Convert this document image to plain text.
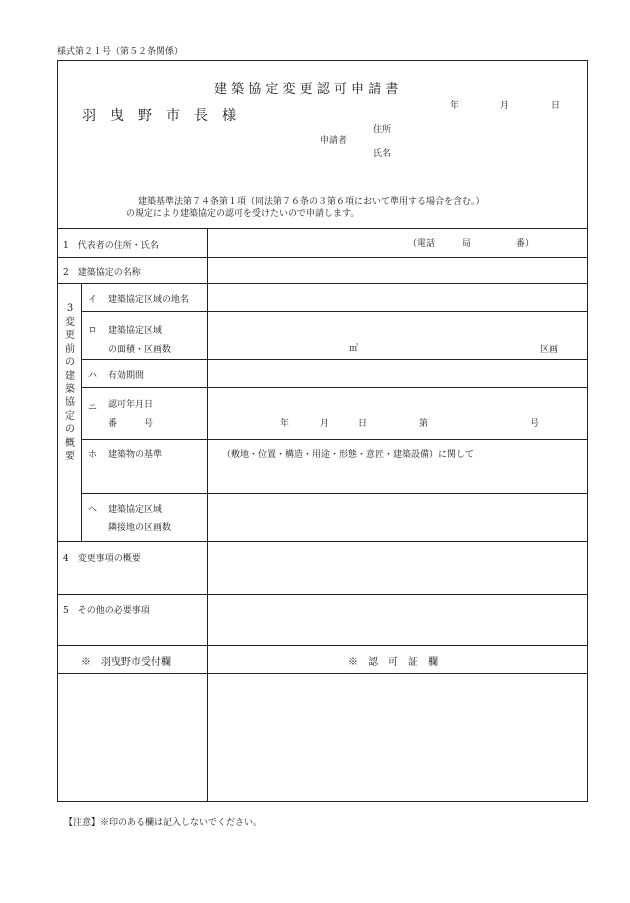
様式第２１号（第５２条関係）
建 築 協 定 変 更 認 可 申 請 書
年	月	日
羽　曳　野　市　長　様
住所
申請者
氏名
建築基準法第７４条第１項（同法第７６条の３第６項において準用する場合を含む。）
の規定により建築協定の認可を受けたいので申請します。
1　代表者の住所・氏名	（電話　　　局　　　　　番）
2　建築協定の名称
3
変
更
前
の
建
築
協
定
の
概
要
イ 建築協定区域の地名
ロ 建築協定区域
の面積・区画数	㎡	区画
ハ 有効期間
ニ 認可年月日
番　　　号	年	月	日	第	号
ホ 建築物の基準	（敷地・位置・構造・用途・形態・意匠・建築設備）に関して
ヘ 建築協定区域
隣接地の区画数
4　変更事項の概要
5　その他の必要事項
※　羽曳野市受付欄	※　認　可　証　欄
【注意】※印のある欄は記入しないでください。
